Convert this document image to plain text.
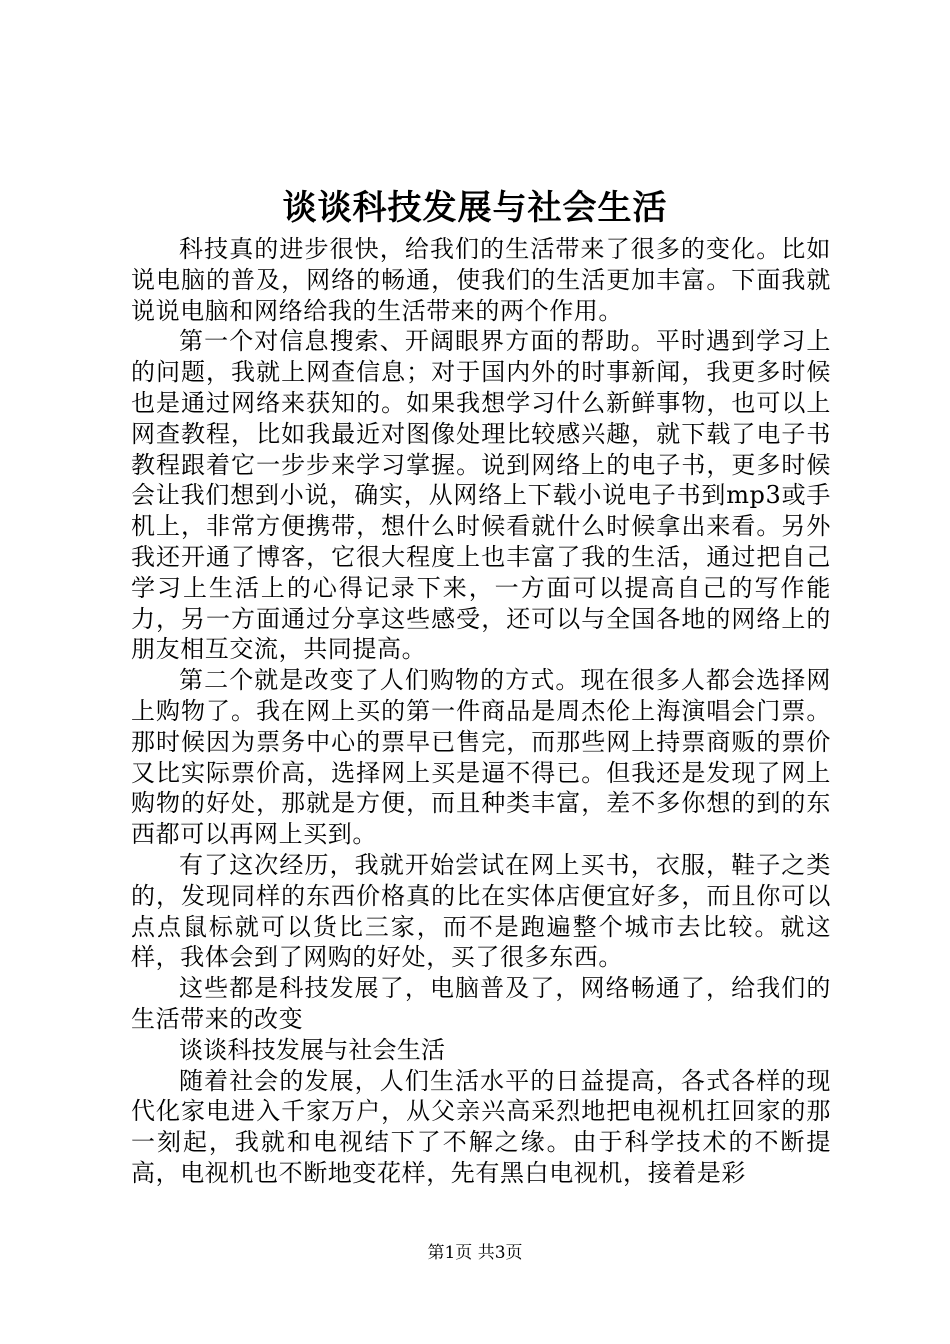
谈谈科技发展与社会生活

科技真的进步很快，给我们的生活带来了很多的变化。比如说电脑的普及，网络的畅通，使我们的生活更加丰富。下面我就说说电脑和网络给我的生活带来的两个作用。

第一个对信息搜索、开阔眼界方面的帮助。平时遇到学习上的问题，我就上网查信息；对于国内外的时事新闻，我更多时候也是通过网络来获知的。如果我想学习什么新鲜事物，也可以上网查教程，比如我最近对图像处理比较感兴趣，就下载了电子书教程跟着它一步步来学习掌握。说到网络上的电子书，更多时候会让我们想到小说，确实，从网络上下载小说电子书到mp3或手机上，非常方便携带，想什么时候看就什么时候拿出来看。另外我还开通了博客，它很大程度上也丰富了我的生活，通过把自己学习上生活上的心得记录下来，一方面可以提高自己的写作能力，另一方面通过分享这些感受，还可以与全国各地的网络上的朋友相互交流，共同提高。

第二个就是改变了人们购物的方式。现在很多人都会选择网上购物了。我在网上买的第一件商品是周杰伦上海演唱会门票。那时候因为票务中心的票早已售完，而那些网上持票商贩的票价又比实际票价高，选择网上买是逼不得已。但我还是发现了网上购物的好处，那就是方便，而且种类丰富，差不多你想的到的东西都可以再网上买到。

有了这次经历，我就开始尝试在网上买书，衣服，鞋子之类的，发现同样的东西价格真的比在实体店便宜好多，而且你可以点点鼠标就可以货比三家，而不是跑遍整个城市去比较。就这样，我体会到了网购的好处，买了很多东西。

这些都是科技发展了，电脑普及了，网络畅通了，给我们的生活带来的改变

谈谈科技发展与社会生活

随着社会的发展，人们生活水平的日益提高，各式各样的现代化家电进入千家万户，从父亲兴高采烈地把电视机扛回家的那一刻起，我就和电视结下了不解之缘。由于科学技术的不断提高，电视机也不断地变花样，先有黑白电视机，接着是彩

第1页 共3页
